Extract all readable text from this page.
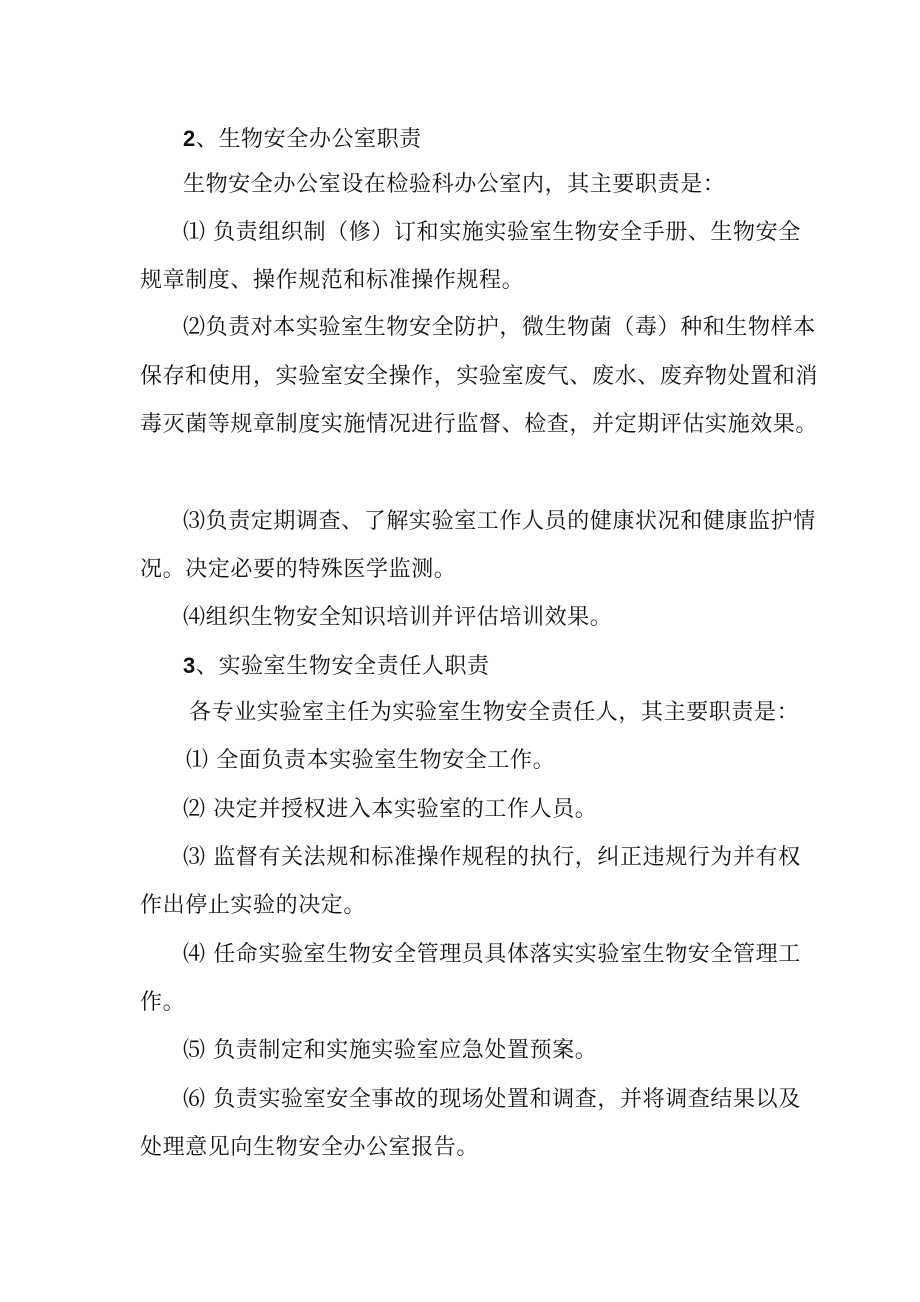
2、生物安全办公室职责
生物安全办公室设在检验科办公室内，其主要职责是：
⑴ 负责组织制（修）订和实施实验室生物安全手册、生物安全
规章制度、操作规范和标准操作规程。
⑵负责对本实验室生物安全防护，微生物菌（毒）种和生物样本
保存和使用，实验室安全操作，实验室废气、废水、废弃物处置和消
毒灭菌等规章制度实施情况进行监督、检查，并定期评估实施效果。
⑶负责定期调查、了解实验室工作人员的健康状况和健康监护情
况。决定必要的特殊医学监测。
⑷组织生物安全知识培训并评估培训效果。
3、实验室生物安全责任人职责
各专业实验室主任为实验室生物安全责任人，其主要职责是：
⑴ 全面负责本实验室生物安全工作。
⑵ 决定并授权进入本实验室的工作人员。
⑶ 监督有关法规和标准操作规程的执行，纠正违规行为并有权
作出停止实验的决定。
⑷ 任命实验室生物安全管理员具体落实实验室生物安全管理工
作。
⑸ 负责制定和实施实验室应急处置预案。
⑹ 负责实验室安全事故的现场处置和调查，并将调查结果以及
处理意见向生物安全办公室报告。
